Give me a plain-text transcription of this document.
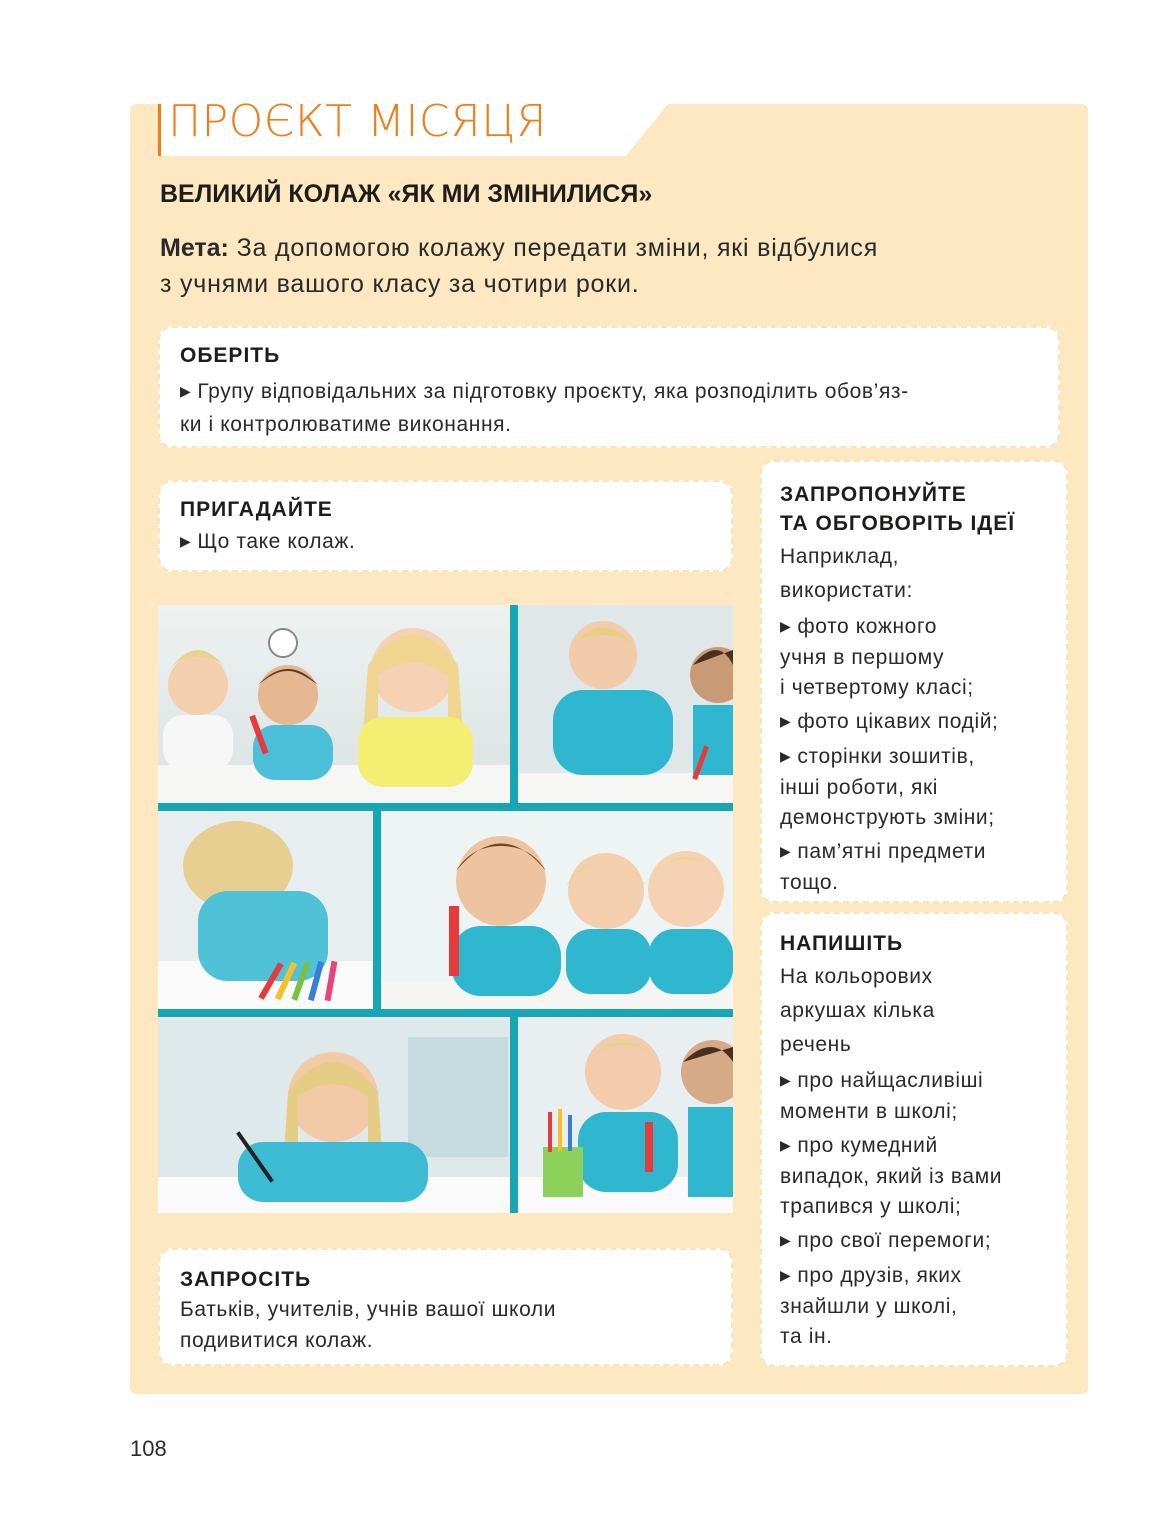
ПРОЄКТ МІСЯЦЯ
ВЕЛИКИЙ КОЛАЖ «ЯК МИ ЗМІНИЛИСЯ»
Мета: За допомогою колажу передати зміни, які відбулися
з учнями вашого класу за чотири роки.
ОБЕРІТЬ

▶ Групу відповідальних за підготовку проєкту, яка розподілить обов’яз-
ки і контролюватиме виконання.

ПРИГАДАЙТЕ

▶ Що таке колаж.

ЗАПРОПОНУЙТЕ
ТА ОБГОВОРІТЬ ІДЕЇ

Наприклад,
використати:

▶ фото кожного
учня в першому
і четвертому класі;
▶ фото цікавих подій;
▶ сторінки зошитів,
інші роботи, які
демонструють зміни;
▶ пам’ятні предмети
тощо.
НАПИШІТЬ

На кольорових
аркушах кілька
речень

▶ про найщасливіші
моменти в школі;
▶ про кумедний
випадок, який із вами
трапився у школі;
▶ про свої перемоги;
▶ про друзів, яких
знайшли у школі,
та ін.
ЗАПРОСІТЬ

Батьків, учителів, учнів вашої школи
подивитися колаж.

108
